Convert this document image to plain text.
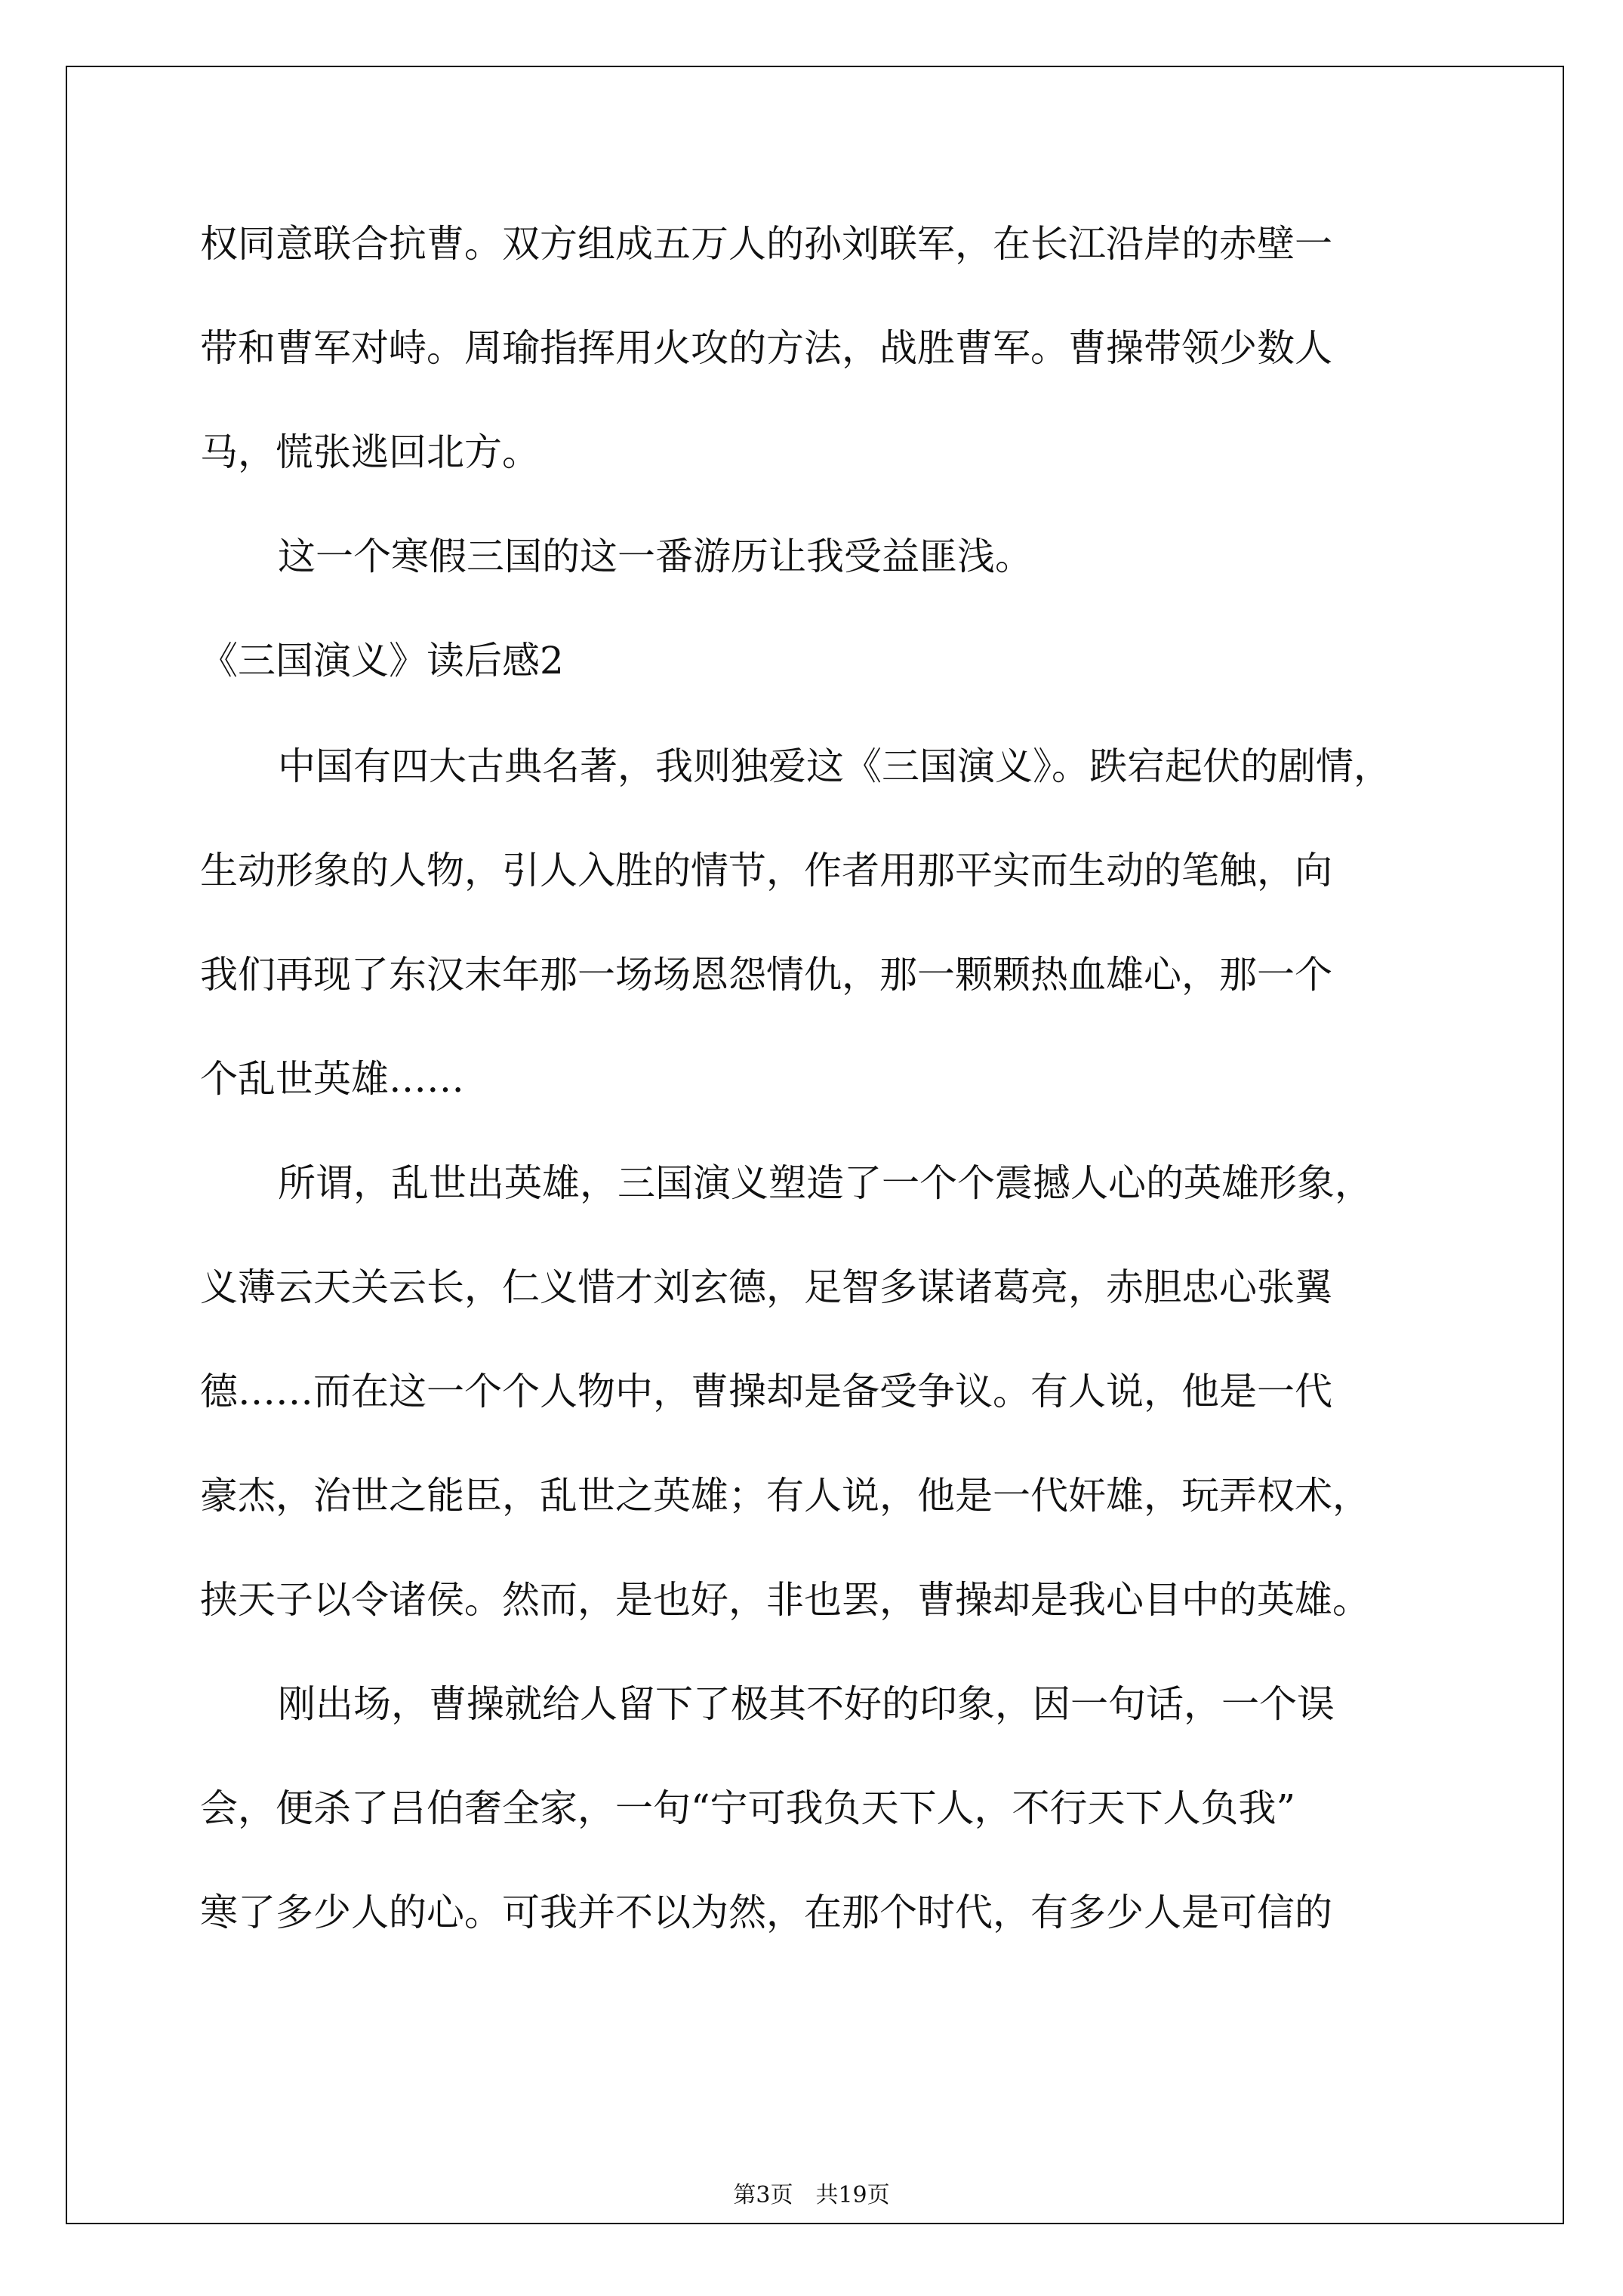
权同意联合抗曹。双方组成五万人的孙刘联军，在长江沿岸的赤壁一
带和曹军对峙。周瑜指挥用火攻的方法，战胜曹军。曹操带领少数人
马，慌张逃回北方。
这一个寒假三国的这一番游历让我受益匪浅。
《三国演义》读后感2
中国有四大古典名著，我则独爱这《三国演义》。跌宕起伏的剧情，
生动形象的人物，引人入胜的情节，作者用那平实而生动的笔触，向
我们再现了东汉末年那一场场恩怨情仇，那一颗颗热血雄心，那一个
个乱世英雄……
所谓，乱世出英雄，三国演义塑造了一个个震撼人心的英雄形象，
义薄云天关云长，仁义惜才刘玄德，足智多谋诸葛亮，赤胆忠心张翼
德……而在这一个个人物中，曹操却是备受争议。有人说，他是一代
豪杰，治世之能臣，乱世之英雄；有人说，他是一代奸雄，玩弄权术，
挟天子以令诸侯。然而，是也好，非也罢，曹操却是我心目中的英雄。
刚出场，曹操就给人留下了极其不好的印象，因一句话，一个误
会，便杀了吕伯奢全家，一句“宁可我负天下人，不行天下人负我”
寒了多少人的心。可我并不以为然，在那个时代，有多少人是可信的
第3页　共19页
